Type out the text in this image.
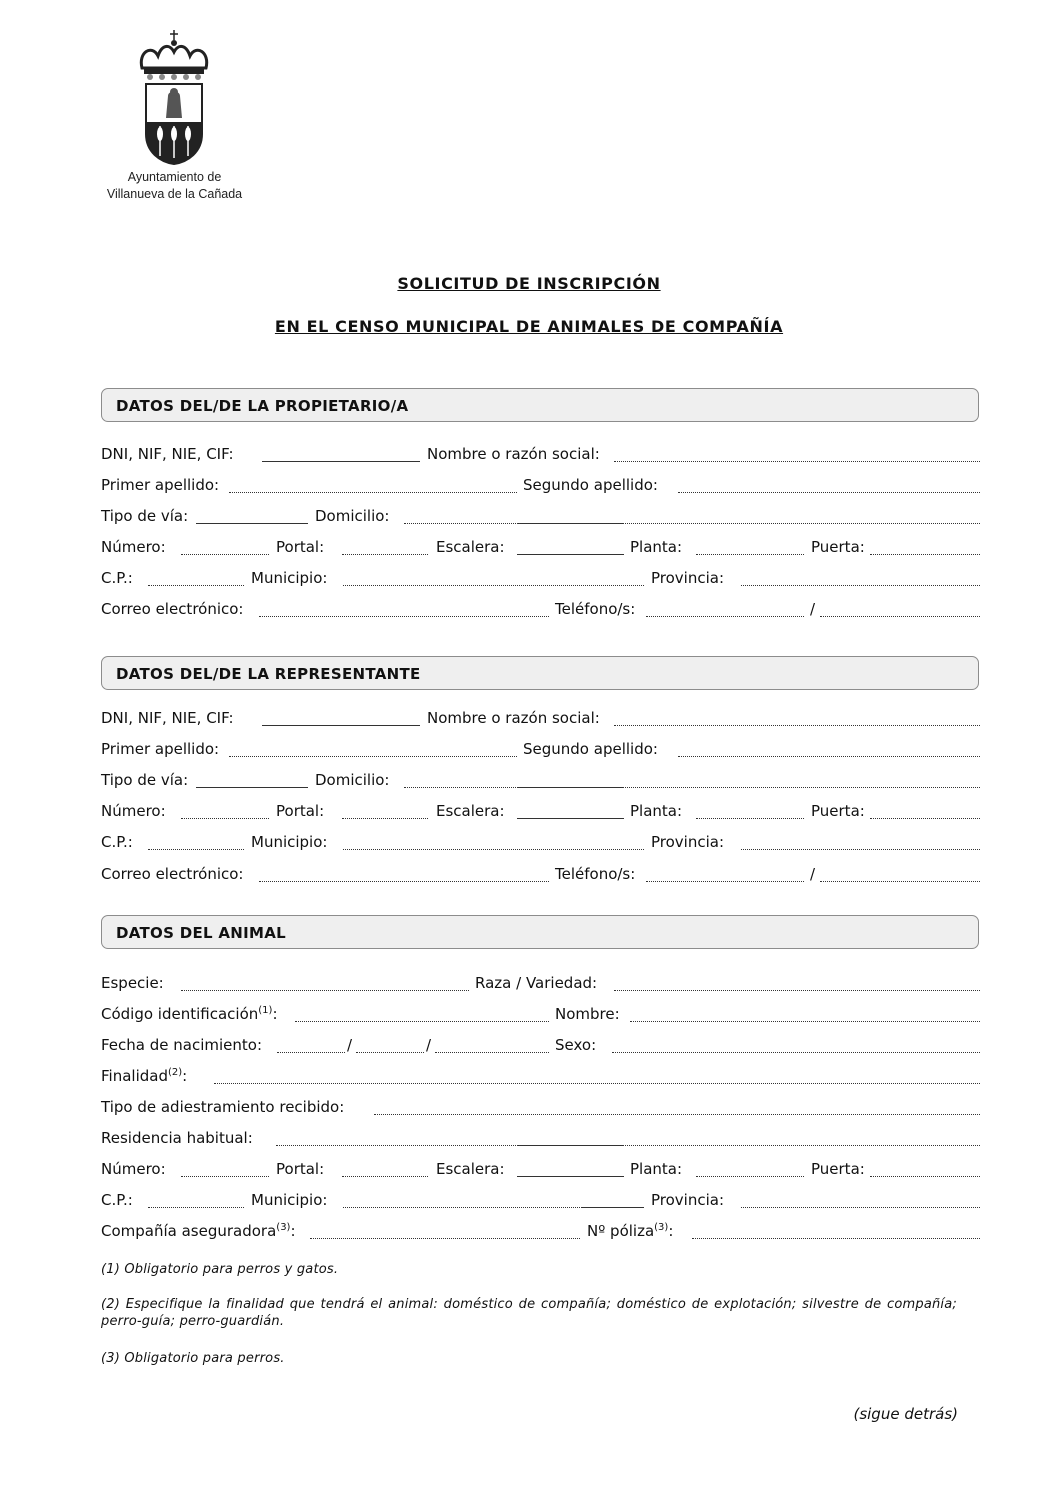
Ayuntamiento de
Villanueva de la Cañada
SOLICITUD DE INSCRIPCIÓN
EN EL CENSO MUNICIPAL DE ANIMALES DE COMPAÑÍA
DATOS DEL/DE LA PROPIETARIO/A
DNI, NIF, NIE, CIF:	Nombre o razón social:
Primer apellido:	Segundo apellido:
Tipo de vía:	Domicilio:
Número:	Portal:	Escalera:	Planta:	Puerta:
C.P.:	Municipio:	Provincia:
Correo electrónico:	Teléfono/s:	/
DATOS DEL/DE LA REPRESENTANTE
DNI, NIF, NIE, CIF:	Nombre o razón social:
Primer apellido:	Segundo apellido:
Tipo de vía:	Domicilio:
Número:	Portal:	Escalera:	Planta:	Puerta:
C.P.:	Municipio:	Provincia:
Correo electrónico:	Teléfono/s:	/
DATOS DEL ANIMAL
Especie:	Raza / Variedad:
Código identificación$^{(1)}$:	Nombre:
Fecha de nacimiento:	/	/	Sexo:
Finalidad$^{(2)}$:
Tipo de adiestramiento recibido:
Residencia habitual:
Número:	Portal:	Escalera:	Planta:	Puerta:
C.P.:	Municipio:	Provincia:
Compañía aseguradora$^{(3)}$:	Nº póliza$^{(3)}$:
(1) Obligatorio para perros y gatos.
(2) Especifique la finalidad que tendrá el animal: doméstico de compañía; doméstico de explotación; silvestre de compañía; perro-guía; perro-guardián.
(3) Obligatorio para perros.
(sigue detrás)
